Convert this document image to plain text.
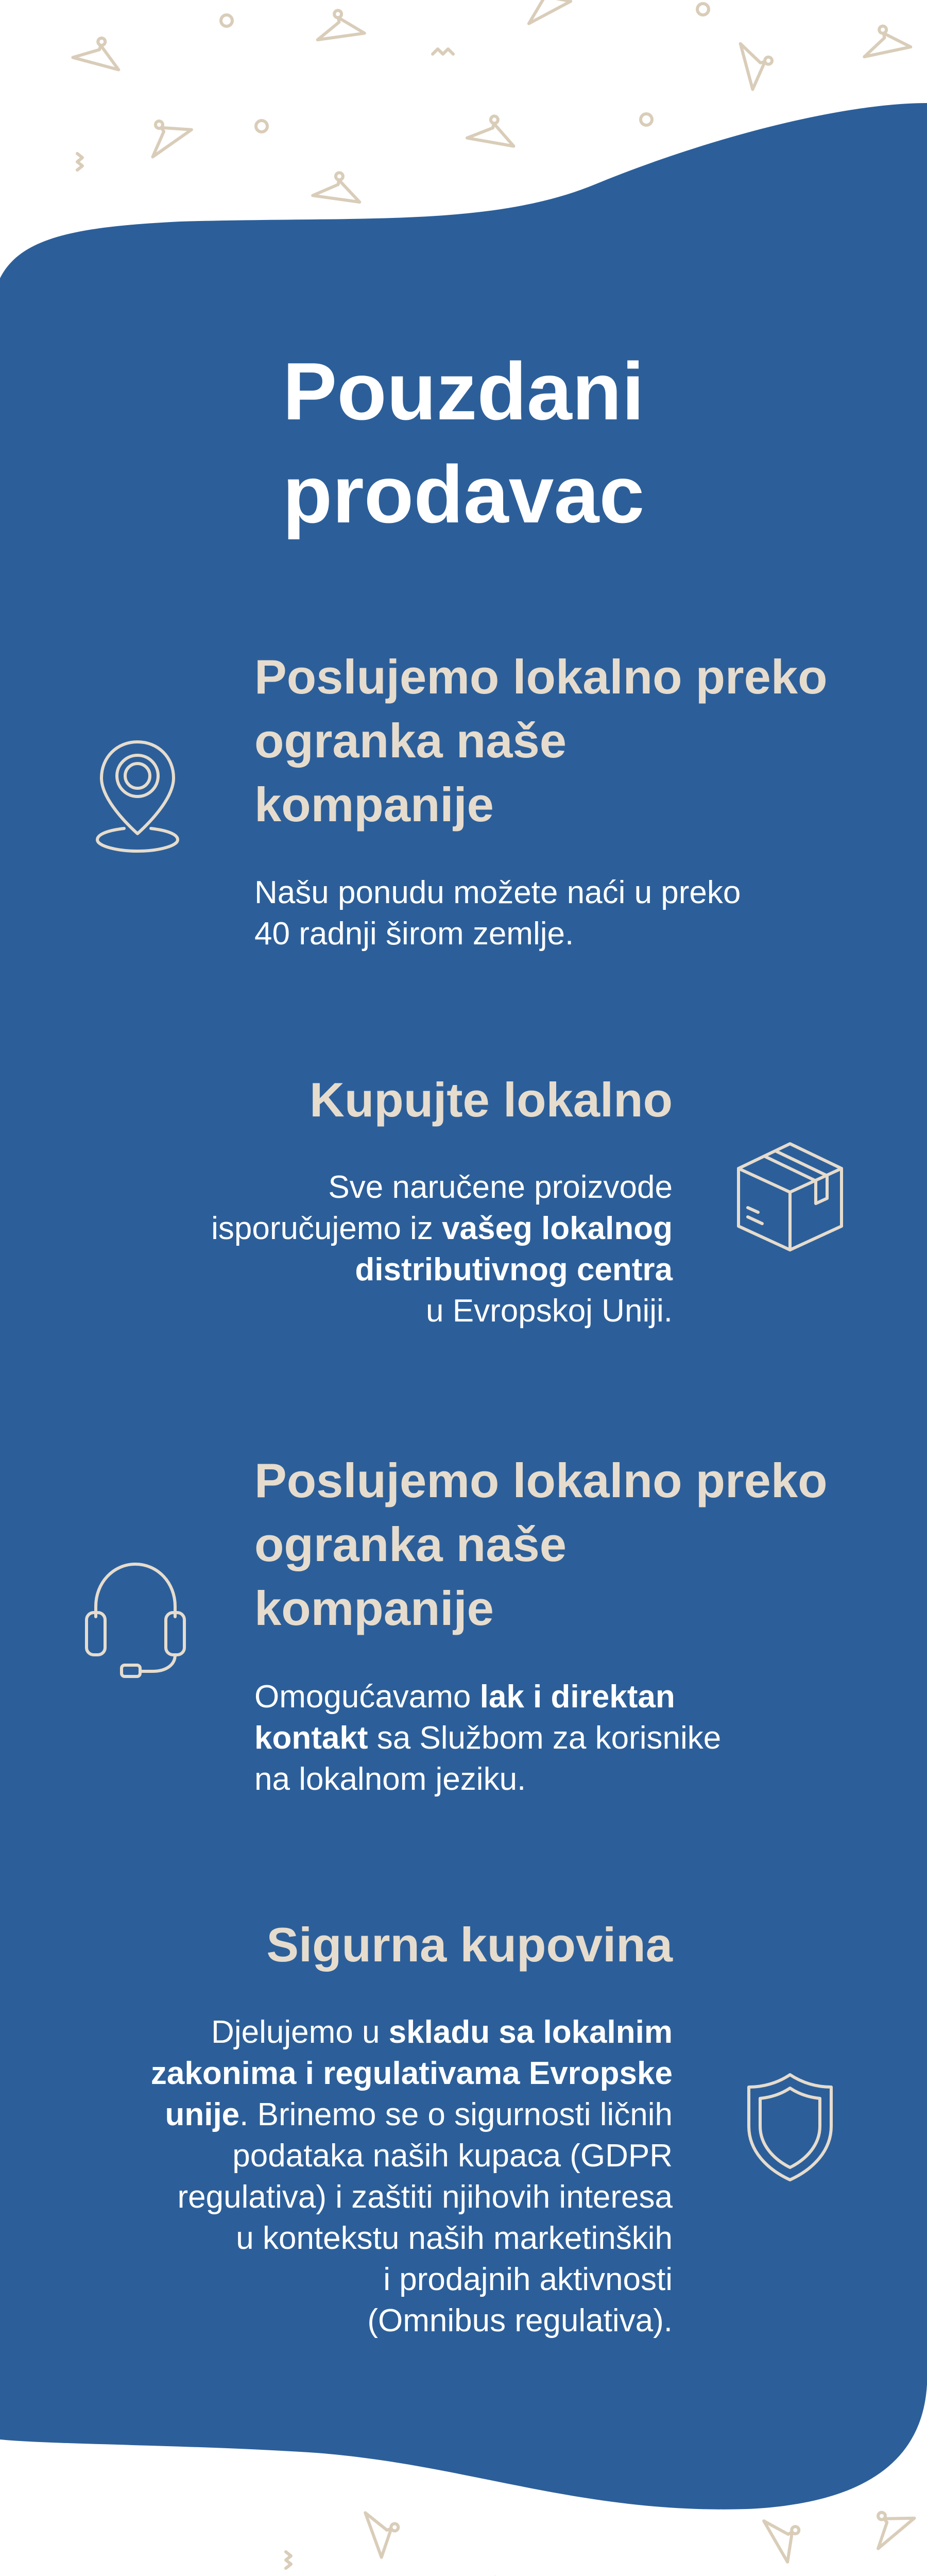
Pouzdani
prodavac
Poslujemo lokalno preko
ogranka naše
kompanije

Našu ponudu možete naći u preko
40 radnji širom zemlje.

Kupujte lokalno

Sve naručene proizvode
isporučujemo iz vašeg lokalnog
distributivnog centra
u Evropskoj Uniji.

Poslujemo lokalno preko
ogranka naše
kompanije

Omogućavamo lak i direktan
kontakt sa Službom za korisnike
na lokalnom jeziku.

Sigurna kupovina

Djelujemo u skladu sa lokalnim
zakonima i regulativama Evropske
unije. Brinemo se o sigurnosti ličnih
podataka naših kupaca (GDPR
regulativa) i zaštiti njihovih interesa
u kontekstu naših marketinških
i prodajnih aktivnosti
(Omnibus regulativa).
